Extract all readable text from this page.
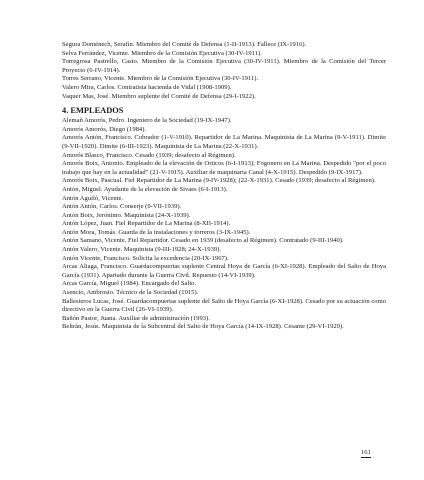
Segura Doménech, Serafín. Miembro del Comité de Defensa (1-II-1913). Fallece (IX-1916).

Selva Ferrández, Vicente. Miembro de la Comisión Ejecutiva (30-IV-1911).

Torregrosa Pastrello, Casto. Miembro de la Comisión Ejecutiva (30-IV-1911). Miembro de la Comisión del Tercer Proyecto (6-IV-1914).

Torres Serrano, Vicente. Miembro de la Comisión Ejecutiva (30-IV-1911).

Valero Mira, Carlos. Contratista hacienda de Vidal (1908-1909).

Vaquer Mas, José. Miembro suplente del Comité de Defensa (29-I-1922).

4. EMPLEADOS

Alemañ Amorós, Pedro. Ingeniero de la Sociedad (19-IX-1947).

Amorós Amorós, Diego (1984).

Amorós Antón, Francisco. Cobrador (1-V-1910). Repartidor de La Marina. Maquinista de La Marina (9-V-1911). Dimite (9-VII-1920). Dimite (6-III-1923). Maquinista de La Marina (22-X-1931).

Amorós Blasco, Francisco. Cesado (1939; desafecto al Régimen).

Amorós Boix, Antonio. Empleado de la elevación de Orticos (6-I-1913); Fogonero en La Marina. Despedido "por el poco trabajo que hay en la actualidad" (21-V-1915). Auxiliar de maquinaria Canal (4-X-1915). Despedido (9-IX-1917).

Amorós Boix, Pascual. Fiel Repartidor de La Marina (9-IV-1928); (22-X-1931). Cesado (1939; desafecto al Régimen).

Antón, Miguel. Ayudante de la elevación de Sivaes (6-I-1913).

Antón Aguiló, Vicente.

Antón Antón, Carlos. Conserje (9-VII-1939).

Antón Boix, Jerónimo. Maquinista (24-X-1939).

Antón López, Juan. Fiel Repartidor de La Marina (8-XII-1914).

Antón Mora, Tomás. Guarda de la instalaciones y torreros (3-IX-1945).

Antón Samano, Vicente. Fiel Repartidor. Cesado en 1939 (desafecto al Régimen). Contratado (9-III-1940).

Antón Valero, Vicente. Maquinista (9-III-1928; 24-X-1939).

Antón Vicente, Francisco. Solicita la excedencia (20-IX-1967).

Arcas Aliaga, Francisco. Guardacompuertas suplente Central Hoya de García (6-XI-1928). Empleado del Salto de Hoya García (1931). Apartado durante la Guerra Civil. Repuesto (14-VI-1939).

Arcas García, Miguel (1984). Encargado del Salto.

Asencio, Ambrosio. Técnico de la Sociedad (1915).

Ballesteros Lucas, José. Guardacompuertas suplente del Salto de Hoya García (6-XI-1928). Cesado por su actuación como directivo en la Guerra Civil (26-VI-1939).

Bañón Pastor, Juana. Auxiliar de administración (1993).

Beltrán, Jesús. Maquinista de la Subcentral del Salto de Hoya García (14-IX-1928). Cesante (29-VI-1929).

161
